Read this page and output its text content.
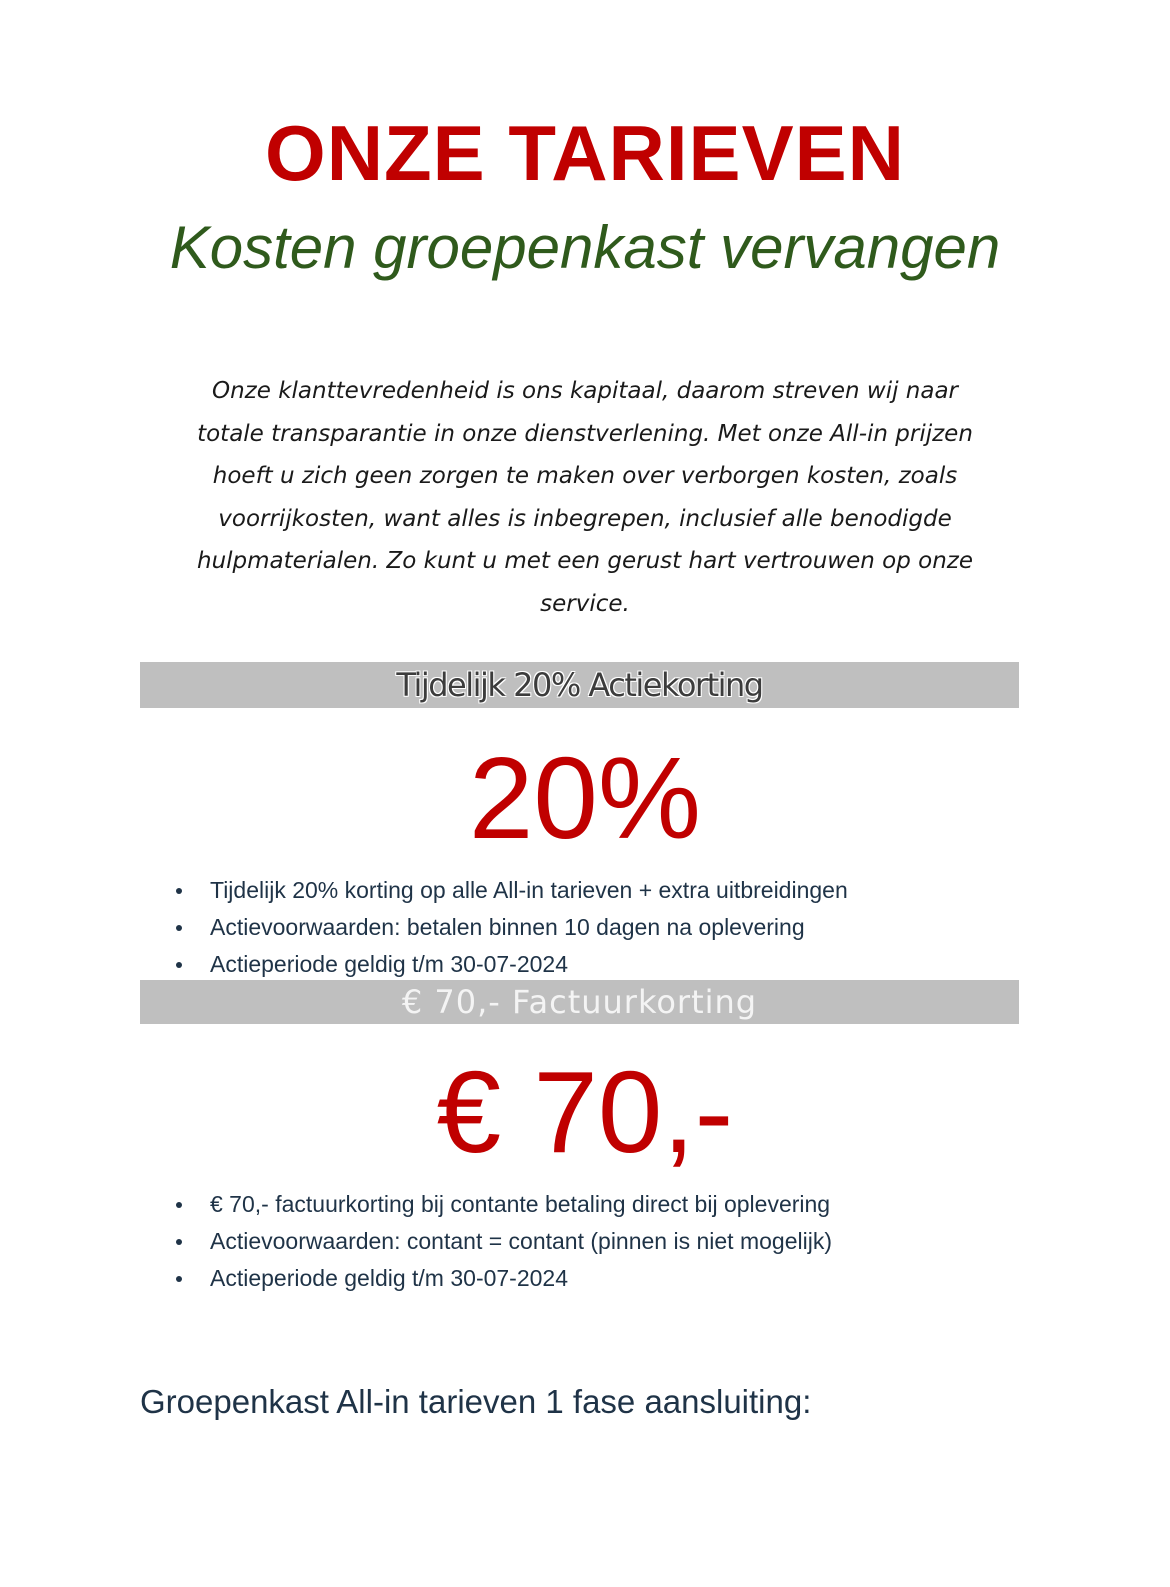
ONZE TARIEVEN
Kosten groepenkast vervangen

Onze klanttevredenheid is ons kapitaal, daarom streven wij naar
totale transparantie in onze dienstverlening. Met onze All-in prijzen
hoeft u zich geen zorgen te maken over verborgen kosten, zoals
voorrijkosten, want alles is inbegrepen, inclusief alle benodigde
hulpmaterialen. Zo kunt u met een gerust hart vertrouwen op onze
service.

Tijdelijk 20% Actiekorting
20%
Tijdelijk 20% korting op alle All-in tarieven + extra uitbreidingen
Actievoorwaarden: betalen binnen 10 dagen na oplevering
Actieperiode geldig t/m 30-07-2024
€ 70,- Factuurkorting
€ 70,-
€ 70,- factuurkorting bij contante betaling direct bij oplevering
Actievoorwaarden: contant = contant (pinnen is niet mogelijk)
Actieperiode geldig t/m 30-07-2024
Groepenkast All-in tarieven 1 fase aansluiting:
